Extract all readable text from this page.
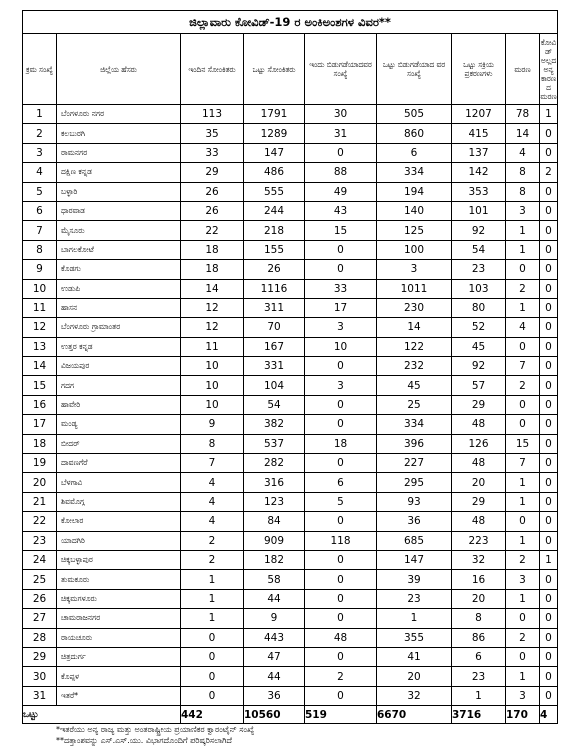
ಜಿಲ್ಲಾವಾರು ಕೋವಿಡ್-19 ರ ಅಂಕಿಅಂಶಗಳ ವಿವರ**								
ಕ್ರಮ ಸಂಖ್ಯೆ	ಜಿಲ್ಲೆಯ ಹೆಸರು	ಇಂದಿನ ಸೋಂಕಿತರು	ಒಟ್ಟು ಸೋಂಕಿತರು	ಇಂದು ಬಿಡುಗಡೆಯಾದವರ ಸಂಖ್ಯೆ	ಒಟ್ಟು ಬಿಡುಗಡೆಯಾದ ವರ ಸಂಖ್ಯೆ	ಒಟ್ಟು ಸಕ್ರಿಯ ಪ್ರಕರಣಗಳು	ಮರಣ	ಕೋವಿಡ್ ಅಲ್ಲದ ಅನ್ಯ ಕಾರಣದ ಮರಣ
1	ಬೆಂಗಳೂರು ನಗರ	113	1791	30	505	1207	78	1
2	ಕಲಬುರಗಿ	35	1289	31	860	415	14	0
3	ರಾಮನಗರ	33	147	0	6	137	4	0
4	ದಕ್ಷಿಣ ಕನ್ನಡ	29	486	88	334	142	8	2
5	ಬಳ್ಳಾರಿ	26	555	49	194	353	8	0
6	ಧಾರವಾಡ	26	244	43	140	101	3	0
7	ಮೈಸೂರು	22	218	15	125	92	1	0
8	ಬಾಗಲಕೋಟೆ	18	155	0	100	54	1	0
9	ಕೊಡಗು	18	26	0	3	23	0	0
10	ಉಡುಪಿ	14	1116	33	1011	103	2	0
11	ಹಾಸನ	12	311	17	230	80	1	0
12	ಬೆಂಗಳೂರು ಗ್ರಾಮಾಂತರ	12	70	3	14	52	4	0
13	ಉತ್ತರ ಕನ್ನಡ	11	167	10	122	45	0	0
14	ವಿಜಯಪುರ	10	331	0	232	92	7	0
15	ಗದಗ	10	104	3	45	57	2	0
16	ಹಾವೇರಿ	10	54	0	25	29	0	0
17	ಮಂಡ್ಯ	9	382	0	334	48	0	0
18	ಬೀದರ್	8	537	18	396	126	15	0
19	ದಾವಣಗೆರೆ	7	282	0	227	48	7	0
20	ಬೆಳಗಾವಿ	4	316	6	295	20	1	0
21	ಶಿವಮೊಗ್ಗ	4	123	5	93	29	1	0
22	ಕೋಲಾರ	4	84	0	36	48	0	0
23	ಯಾದಗಿರಿ	2	909	118	685	223	1	0
24	ಚಿಕ್ಕಬಳ್ಳಾಪುರ	2	182	0	147	32	2	1
25	ತುಮಕೂರು	1	58	0	39	16	3	0
26	ಚಿಕ್ಕಮಗಳೂರು	1	44	0	23	20	1	0
27	ಚಾಮರಾಜನಗರ	1	9	0	1	8	0	0
28	ರಾಯಚೂರು	0	443	48	355	86	2	0
29	ಚಿತ್ರದುರ್ಗ	0	47	0	41	6	0	0
30	ಕೊಪ್ಪಳ	0	44	2	20	23	1	0
31	ಇತರೆ*	0	36	0	32	1	3	0
ಒಟ್ಟು		442	10560	519	6670	3716	170	4
*ಇತರೆಯು ಅನ್ಯ ರಾಜ್ಯ ಮತ್ತು ಅಂತರಾಷ್ಟ್ರೀಯ ಪ್ರಯಾಣಿಕರ ಕ್ವಾರಂಟೈನ್ ಸಂಖ್ಯೆ
**ದತ್ತಾಂಶವನ್ನು ಎಸ್.ಎಸ್.ಯು. ವಿಭಾಗದೊಂದಿಗೆ ಪರಿಷ್ಕರಿಸಲಾಗಿದೆ
